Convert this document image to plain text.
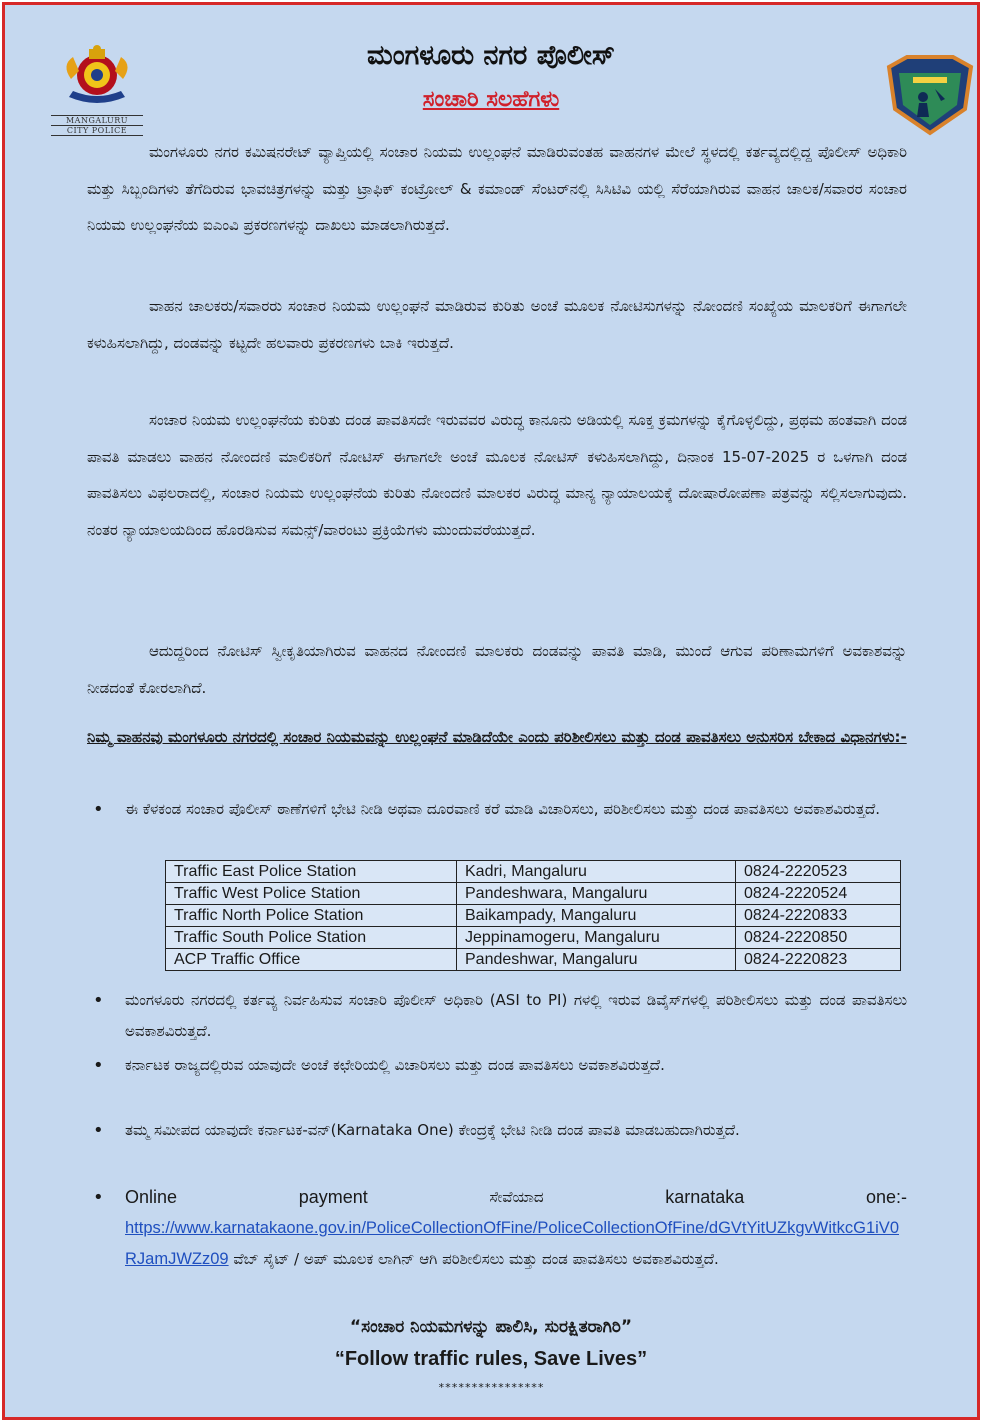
MANGALURU
CITY POLICE
ಮಂಗಳೂರು ನಗರ ಪೊಲೀಸ್
ಸಂಚಾರಿ ಸಲಹೆಗಳು
ಮಂಗಳೂರು ನಗರ ಕಮಿಷನರೇಟ್ ವ್ಯಾಪ್ತಿಯಲ್ಲಿ ಸಂಚಾರ ನಿಯಮ ಉಲ್ಲಂಘನೆ ಮಾಡಿರುವಂತಹ ವಾಹನಗಳ ಮೇಲೆ ಸ್ಥಳದಲ್ಲಿ ಕರ್ತವ್ಯದಲ್ಲಿದ್ದ ಪೊಲೀಸ್ ಅಧಿಕಾರಿ ಮತ್ತು ಸಿಬ್ಬಂದಿಗಳು ತೆಗೆದಿರುವ ಭಾವಚಿತ್ರಗಳನ್ನು ಮತ್ತು ಟ್ರಾಫಿಕ್ ಕಂಟ್ರೋಲ್ & ಕಮಾಂಡ್ ಸೆಂಟರ್‌ನಲ್ಲಿ ಸಿಸಿಟಿವಿ ಯಲ್ಲಿ ಸೆರೆಯಾಗಿರುವ ವಾಹನ ಚಾಲಕ/ಸವಾರರ ಸಂಚಾರ ನಿಯಮ ಉಲ್ಲಂಘನೆಯ ಐಎಂವಿ ಪ್ರಕರಣಗಳನ್ನು ದಾಖಲು ಮಾಡಲಾಗಿರುತ್ತದೆ.
ವಾಹನ ಚಾಲಕರು/ಸವಾರರು ಸಂಚಾರ ನಿಯಮ ಉಲ್ಲಂಘನೆ ಮಾಡಿರುವ ಕುರಿತು ಅಂಚೆ ಮೂಲಕ ನೋಟಿಸುಗಳನ್ನು ನೋಂದಣಿ ಸಂಖ್ಯೆಯ ಮಾಲಕರಿಗೆ ಈಗಾಗಲೇ ಕಳುಹಿಸಲಾಗಿದ್ದು, ದಂಡವನ್ನು ಕಟ್ಟದೇ ಹಲವಾರು ಪ್ರಕರಣಗಳು ಬಾಕಿ ಇರುತ್ತದೆ.
ಸಂಚಾರ ನಿಯಮ ಉಲ್ಲಂಘನೆಯ ಕುರಿತು ದಂಡ ಪಾವತಿಸದೇ ಇರುವವರ ವಿರುದ್ಧ ಕಾನೂನು ಅಡಿಯಲ್ಲಿ ಸೂಕ್ತ ಕ್ರಮಗಳನ್ನು ಕೈಗೊಳ್ಳಲಿದ್ದು, ಪ್ರಥಮ ಹಂತವಾಗಿ ದಂಡ ಪಾವತಿ ಮಾಡಲು ವಾಹನ ನೋಂದಣಿ ಮಾಲಿಕರಿಗೆ ನೋಟಿಸ್ ಈಗಾಗಲೇ ಅಂಚೆ ಮೂಲಕ ನೋಟಿಸ್ ಕಳುಹಿಸಲಾಗಿದ್ದು, ದಿನಾಂಕ 15-07-2025 ರ ಒಳಗಾಗಿ ದಂಡ ಪಾವತಿಸಲು ವಿಫಲರಾದಲ್ಲಿ, ಸಂಚಾರ ನಿಯಮ ಉಲ್ಲಂಘನೆಯ ಕುರಿತು ನೋಂದಣಿ ಮಾಲಕರ ವಿರುದ್ಧ ಮಾನ್ಯ ನ್ಯಾಯಾಲಯಕ್ಕೆ ದೋಷಾರೋಪಣಾ ಪತ್ರವನ್ನು ಸಲ್ಲಿಸಲಾಗುವುದು. ನಂತರ ನ್ಯಾಯಾಲಯದಿಂದ ಹೊರಡಿಸುವ ಸಮನ್ಸ್/ವಾರಂಟು ಪ್ರಕ್ರಿಯೆಗಳು ಮುಂದುವರೆಯುತ್ತದೆ.
ಆದುದ್ದರಿಂದ ನೋಟಿಸ್ ಸ್ವೀಕೃತಿಯಾಗಿರುವ ವಾಹನದ ನೋಂದಣಿ ಮಾಲಕರು ದಂಡವನ್ನು ಪಾವತಿ ಮಾಡಿ, ಮುಂದೆ ಆಗುವ ಪರಿಣಾಮಗಳಿಗೆ ಅವಕಾಶವನ್ನು ನೀಡದಂತೆ ಕೋರಲಾಗಿದೆ.
ನಿಮ್ಮ ವಾಹನವು ಮಂಗಳೂರು ನಗರದಲ್ಲಿ ಸಂಚಾರ ನಿಯಮವನ್ನು ಉಲ್ಲಂಘನೆ ಮಾಡಿದೆಯೇ ಎಂದು ಪರಿಶೀಲಿಸಲು ಮತ್ತು ದಂಡ ಪಾವತಿಸಲು ಅನುಸರಿಸ ಬೇಕಾದ ವಿಧಾನಗಳು:-
• ಈ ಕೆಳಕಂಡ ಸಂಚಾರ ಪೊಲೀಸ್ ಠಾಣೆಗಳಿಗೆ ಭೇಟಿ ನೀಡಿ ಅಥವಾ ದೂರವಾಣಿ ಕರೆ ಮಾಡಿ ವಿಚಾರಿಸಲು, ಪರಿಶೀಲಿಸಲು ಮತ್ತು ದಂಡ ಪಾವತಿಸಲು ಅವಕಾಶವಿರುತ್ತದೆ.
Traffic East Police Station	Kadri, Mangaluru	0824-2220523
Traffic West Police Station	Pandeshwara, Mangaluru	0824-2220524
Traffic North Police Station	Baikampady, Mangaluru	0824-2220833
Traffic South Police Station	Jeppinamogeru, Mangaluru	0824-2220850
ACP Traffic Office	Pandeshwar, Mangaluru	0824-2220823
• ಮಂಗಳೂರು ನಗರದಲ್ಲಿ ಕರ್ತವ್ಯ ನಿರ್ವಹಿಸುವ ಸಂಚಾರಿ ಪೊಲೀಸ್ ಅಧಿಕಾರಿ (ASI to PI) ಗಳಲ್ಲಿ ಇರುವ ಡಿವೈಸ್‌ಗಳಲ್ಲಿ ಪರಿಶೀಲಿಸಲು ಮತ್ತು ದಂಡ ಪಾವತಿಸಲು ಅವಕಾಶವಿರುತ್ತದೆ.
• ಕರ್ನಾಟಕ ರಾಜ್ಯದಲ್ಲಿರುವ ಯಾವುದೇ ಅಂಚೆ ಕಛೇರಿಯಲ್ಲಿ ವಿಚಾರಿಸಲು ಮತ್ತು ದಂಡ ಪಾವತಿಸಲು ಅವಕಾಶವಿರುತ್ತದೆ.
• ತಮ್ಮ ಸಮೀಪದ ಯಾವುದೇ ಕರ್ನಾಟಕ-ವನ್(Karnataka One) ಕೇಂದ್ರಕ್ಕೆ ಭೇಟಿ ನೀಡಿ ದಂಡ ಪಾವತಿ ಮಾಡಬಹುದಾಗಿರುತ್ತದೆ.
• Online	payment	ಸೇವೆಯಾದ	karnataka	one:-
https://www.karnatakaone.gov.in/PoliceCollectionOfFine/PoliceCollectionOfFine/dGVtYitUZkgvWitkcG1iV0RJamJWZz09 ವೆಬ್ ಸೈಟ್ / ಅಪ್ ಮೂಲಕ ಲಾಗಿನ್ ಆಗಿ ಪರಿಶೀಲಿಸಲು ಮತ್ತು ದಂಡ ಪಾವತಿಸಲು ಅವಕಾಶವಿರುತ್ತದೆ.
“ಸಂಚಾರ ನಿಯಮಗಳನ್ನು ಪಾಲಿಸಿ, ಸುರಕ್ಷಿತರಾಗಿರಿ”
“Follow traffic rules, Save Lives”
****************
